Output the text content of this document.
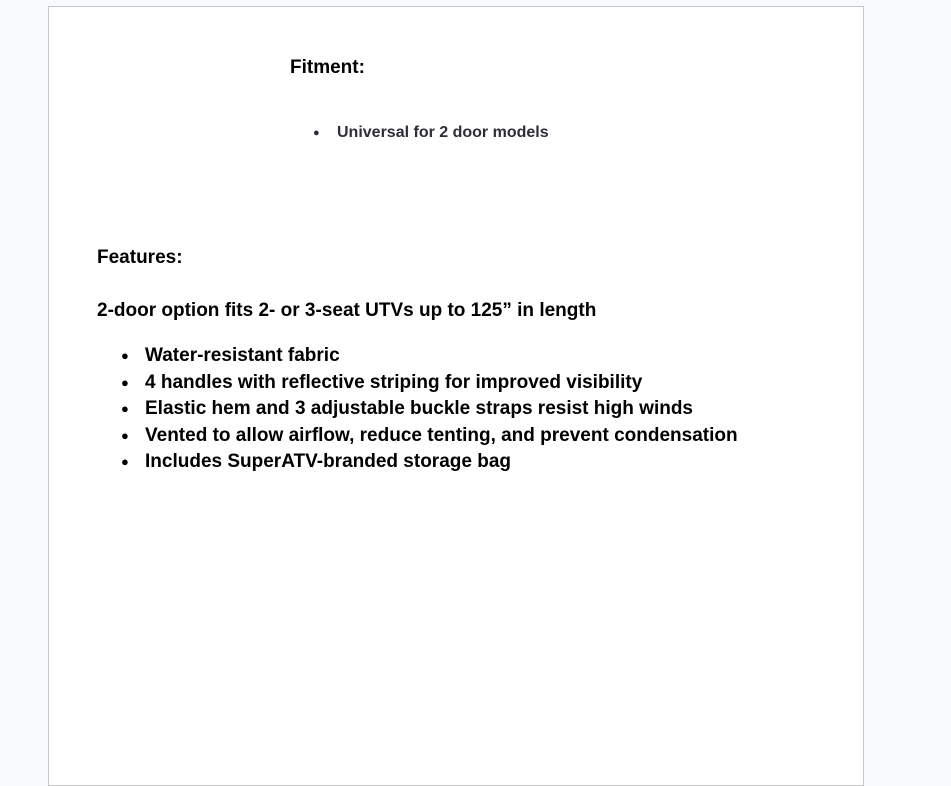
Fitment:

●	Universal for 2 door models

Features:

2-door option fits 2- or 3-seat UTVs up to 125” in length

● Water-resistant fabric
● 4 handles with reflective striping for improved visibility
● Elastic hem and 3 adjustable buckle straps resist high winds
● Vented to allow airflow, reduce tenting, and prevent condensation
● Includes SuperATV-branded storage bag
